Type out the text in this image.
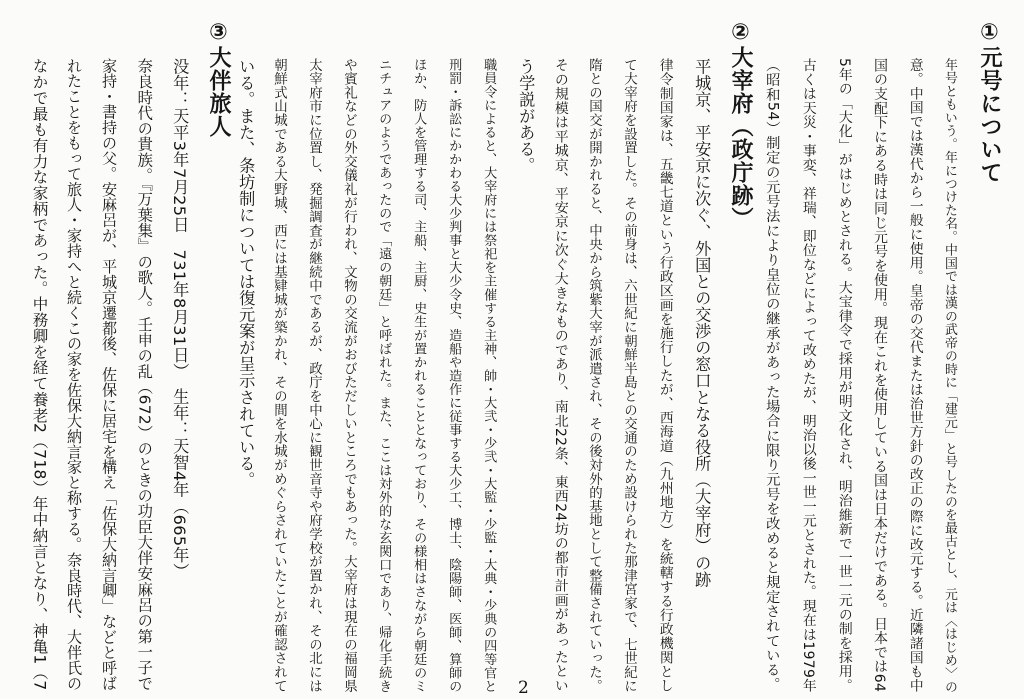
①元号について
年号ともいう。年につけた名。中国では漢の武帝の時に「建元」と号したのを最古とし、元は〈はじめ〉の
意。中国では漢代から一般に使用。皇帝の交代または治世方針の改正の際に改元する。近隣諸国も中
国の支配下にある時は同じ元号を使用。現在これを使用している国は日本だけである。日本では64
5年の「大化」がはじめとされる。大宝律令で採用が明文化され、明治維新で一世一元の制を採用。
古くは天災・事変、祥瑞、即位などによって改めたが、明治以後一世一元とされた。現在は1979年
（昭和54）制定の元号法により皇位の継承があった場合に限り元号を改めると規定されている。
②大宰府（政庁跡）
平城京、平安京に次ぐ、外国との交渉の窓口となる役所（大宰府）の跡
律令制国家は、五畿七道という行政区画を施行したが、西海道（九州地方）を統轄する行政機関とし
て大宰府を設置した。その前身は、六世紀に朝鮮半島との交通のため設けられた那津宮家で、七世紀に
隋との国交が開かれると、中央から筑紫大宰が派遣され、その後対外的基地として整備されていった。
その規模は平城京、平安京に次ぐ大きなものであり、南北22条、東西24坊の都市計画があったとい
う学説がある。
職員令によると、大宰府には祭祀を主催する主神、帥・大弐・少弐・大監・少監・大典・少典の四等官と
刑罰・訴訟にかかわる大少判事と大少令史、造船や造作に従事する大少工、博士、陰陽師、医師、算師の
ほか、防人を管理する司、主船、主厨、史生が置かれることとなっており、その様相はさながら朝廷のミ
ニチュアのようであったので「遠の朝廷」と呼ばれた。また、ここは対外的な玄関口であり、帰化手続き
や賓礼などの外交儀礼が行われ、文物の交流がおびただしいところでもあった。大宰府は現在の福岡県
太宰府市に位置し、発掘調査が継続中であるが、政庁を中心に観世音寺や府学校が置かれ、その北には
朝鮮式山城である大野城、西には基肄城が築かれ、その間を水城がめぐらされていたことが確認されて
いる。また、条坊制については復元案が呈示されている。
③大伴旅人
没年：天平3年7月25日　731年8月31日）　生年：天智4年（665年）
奈良時代の貴族。『万葉集』の歌人。壬申の乱（672）のときの功臣大伴安麻呂の第一子で
家持・書持の父。安麻呂が、平城京遷都後、佐保に居宅を構え「佐保大納言卿」などと呼ば
れたことをもって旅人・家持へと続くこの家を佐保大納言家と称する。奈良時代、大伴氏の
なかで最も有力な家柄であった。中務卿を経て養老2（718）年中納言となり、神亀1（7	2
